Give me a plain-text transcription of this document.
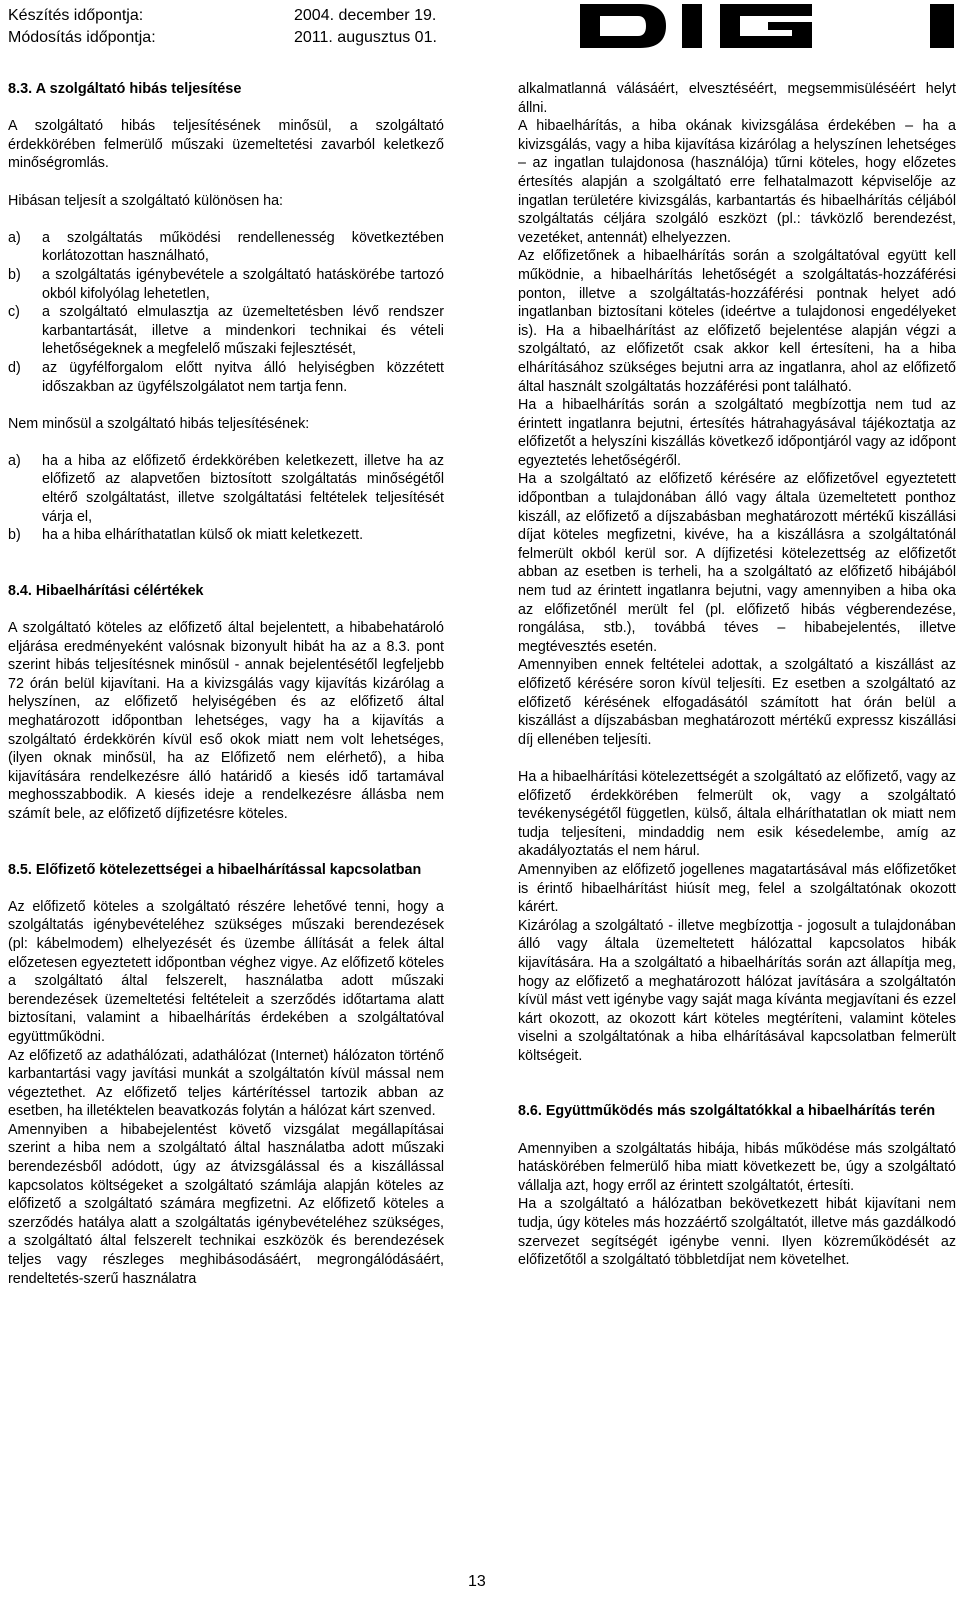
Készítés időpontja:	2004. december 19.
Módosítás időpontja:	2011. augusztus 01.

8.3. A szolgáltató hibás teljesítése

A szolgáltató hibás teljesítésének minősül, a szolgáltató érdekkörében felmerülő műszaki üzemeltetési zavarból keletkező minőségromlás.

Hibásan teljesít a szolgáltató különösen ha:

a)	a szolgáltatás működési rendellenesség következtében korlátozottan használható,
b)	a szolgáltatás igénybevétele a szolgáltató hatáskörébe tartozó okból kifolyólag lehetetlen,
c)	a szolgáltató elmulasztja az üzemeltetésben lévő rendszer karbantartását, illetve a mindenkori technikai és vételi lehetőségeknek a megfelelő műszaki fejlesztését,
d)	az ügyfélforgalom előtt nyitva álló helyiségben közzétett időszakban az ügyfélszolgálatot nem tartja fenn.

Nem minősül a szolgáltató hibás teljesítésének:

a)	ha a hiba az előfizető érdekkörében keletkezett, illetve ha az előfizető az alapvetően biztosított szolgáltatás minőségétől eltérő szolgáltatást, illetve szolgáltatási feltételek teljesítését várja el,
b)	ha a hiba elháríthatatlan külső ok miatt keletkezett.

8.4. Hibaelhárítási célértékek

A szolgáltató köteles az előfizető által bejelentett, a hibabehatároló eljárása eredményeként valósnak bizonyult hibát ha az a 8.3. pont szerint hibás teljesítésnek minősül - annak bejelentésétől legfeljebb 72 órán belül kijavítani. Ha a kivizsgálás vagy kijavítás kizárólag a helyszínen, az előfizető helyiségében és az előfizető által meghatározott időpontban lehetséges, vagy ha a kijavítás a szolgáltató érdekkörén kívül eső okok miatt nem volt lehetséges, (ilyen oknak minősül, ha az Előfizető nem elérhető), a hiba kijavítására rendelkezésre álló határidő a kiesés idő tartamával meghosszabbodik. A kiesés ideje a rendelkezésre állásba nem számít bele, az előfizető díjfizetésre köteles.

8.5. Előfizető kötelezettségei a hibaelhárítással kapcsolatban

Az előfizető köteles a szolgáltató részére lehetővé tenni, hogy a szolgáltatás igénybevételéhez szükséges műszaki berendezések (pl: kábelmodem) elhelyezését és üzembe állítását a felek által előzetesen egyeztetett időpontban véghez vigye. Az előfizető köteles a szolgáltató által felszerelt, használatba adott műszaki berendezések üzemeltetési feltételeit a szerződés időtartama alatt biztosítani, valamint a hibaelhárítás érdekében a szolgáltatóval együttműködni.

Az előfizető az adathálózati, adathálózat (Internet) hálózaton történő karbantartási vagy javítási munkát a szolgáltatón kívül mással nem végeztethet. Az előfizető teljes kártérítéssel tartozik abban az esetben, ha illetéktelen beavatkozás folytán a hálózat kárt szenved.

Amennyiben a hibabejelentést követő vizsgálat megállapításai szerint a hiba nem a szolgáltató által használatba adott műszaki berendezésből adódott, úgy az átvizsgálással és a kiszállással kapcsolatos költségeket a szolgáltató számlája alapján köteles az előfizető a szolgáltató számára megfizetni. Az előfizető köteles a szerződés hatálya alatt a szolgáltatás igénybevételéhez szükséges, a szolgáltató által felszerelt technikai eszközök és berendezések teljes vagy részleges meghibásodásáért, megrongálódásáért, rendeltetés-szerű használatra

alkalmatlanná válásáért, elvesztéséért, megsemmisüléséért helyt állni.

A hibaelhárítás, a hiba okának kivizsgálása érdekében – ha a kivizsgálás, vagy a hiba kijavítása kizárólag a helyszínen lehetséges – az ingatlan tulajdonosa (használója) tűrni köteles, hogy előzetes értesítés alapján a szolgáltató erre felhatalmazott képviselője az ingatlan területére kivizsgálás, karbantartás és hibaelhárítás céljából szolgáltatás céljára szolgáló eszközt (pl.: távközlő berendezést, vezetéket, antennát) elhelyezzen.

Az előfizetőnek a hibaelhárítás során a szolgáltatóval együtt kell működnie, a hibaelhárítás lehetőségét a szolgáltatás-hozzáférési ponton, illetve a szolgáltatás-hozzáférési pontnak helyet adó ingatlanban biztosítani köteles (ideértve a tulajdonosi engedélyeket is). Ha a hibaelhárítást az előfizető bejelentése alapján végzi a szolgáltató, az előfizetőt csak akkor kell értesíteni, ha a hiba elhárításához szükséges bejutni arra az ingatlanra, ahol az előfizető által használt szolgáltatás hozzáférési pont található.

Ha a hibaelhárítás során a szolgáltató megbízottja nem tud az érintett ingatlanra bejutni, értesítés hátrahagyásával tájékoztatja az előfizetőt a helyszíni kiszállás következő időpontjáról vagy az időpont egyeztetés lehetőségéről.

Ha a szolgáltató az előfizető kérésére az előfizetővel egyeztetett időpontban a tulajdonában álló vagy általa üzemeltetett ponthoz kiszáll, az előfizető a díjszabásban meghatározott mértékű kiszállási díjat köteles megfizetni, kivéve, ha a kiszállásra a szolgáltatónál felmerült okból kerül sor. A díjfizetési kötelezettség az előfizetőt abban az esetben is terheli, ha a szolgáltató az előfizető hibájából nem tud az érintett ingatlanra bejutni, vagy amennyiben a hiba oka az előfizetőnél merült fel (pl. előfizető hibás végberendezése, rongálása, stb.), továbbá téves – hibabejelentés, illetve megtévesztés esetén.

Amennyiben ennek feltételei adottak, a szolgáltató a kiszállást az előfizető kérésére soron kívül teljesíti. Ez esetben a szolgáltató az előfizető kérésének elfogadásától számított hat órán belül a kiszállást a díjszabásban meghatározott mértékű expressz kiszállási díj ellenében teljesíti.

Ha a hibaelhárítási kötelezettségét a szolgáltató az előfizető, vagy az előfizető érdekkörében felmerült ok, vagy a szolgáltató tevékenységétől független, külső, általa elháríthatatlan ok miatt nem tudja teljesíteni, mindaddig nem esik késedelembe, amíg az akadályoztatás el nem hárul.

Amennyiben az előfizető jogellenes magatartásával más előfizetőket is érintő hibaelhárítást hiúsít meg, felel a szolgáltatónak okozott kárért.

Kizárólag a szolgáltató - illetve megbízottja - jogosult a tulajdonában álló vagy általa üzemeltetett hálózattal kapcsolatos hibák kijavítására. Ha a szolgáltató a hibaelhárítás során azt állapítja meg, hogy az előfizető a meghatározott hálózat javítására a szolgáltatón kívül mást vett igénybe vagy saját maga kívánta megjavítani és ezzel kárt okozott, az okozott kárt köteles megtéríteni, valamint köteles viselni a szolgáltatónak a hiba elhárításával kapcsolatban felmerült költségeit.

8.6. Együttműködés más szolgáltatókkal a hibaelhárítás terén

Amennyiben a szolgáltatás hibája, hibás működése más szolgáltató hatáskörében felmerülő hiba miatt következett be, úgy a szolgáltató vállalja azt, hogy erről az érintett szolgáltatót, értesíti.

Ha a szolgáltató a hálózatban bekövetkezett hibát kijavítani nem tudja, úgy köteles más hozzáértő szolgáltatót, illetve más gazdálkodó szervezet segítségét igénybe venni. Ilyen közreműködését az előfizetőtől a szolgáltató többletdíjat nem követelhet.

13
